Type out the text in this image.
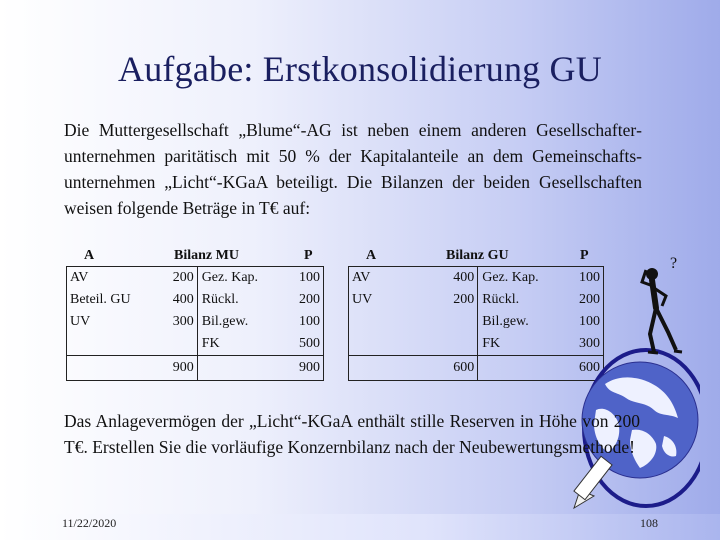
Aufgabe: Erstkonsolidierung GU
Die Muttergesellschaft „Blume“-AG ist neben einem anderen Gesellschafterunternehmen paritätisch mit 50 % der Kapitalanteile an dem Gemeinschaftsunternehmen „Licht“-KGaA beteiligt. Die Bilanzen der beiden Gesellschaften weisen folgende Beträge in T€ auf:
A	Bilanz MU	P
AV	200	Gez. Kap.	100
Beteil. GU	400	Rückl.	200
UV	300	Bil.gew.	100
		FK	500
	900		900
A	Bilanz GU	P
AV	400	Gez. Kap.	100
UV	200	Rückl.	200
		Bil.gew.	100
		FK	300
	600		600
?
Das Anlagevermögen der „Licht“-KGaA enthält stille Reserven in Höhe von 200 T€. Erstellen Sie die vorläufige Konzernbilanz nach der Neubewertungsmethode!
11/22/2020	108
